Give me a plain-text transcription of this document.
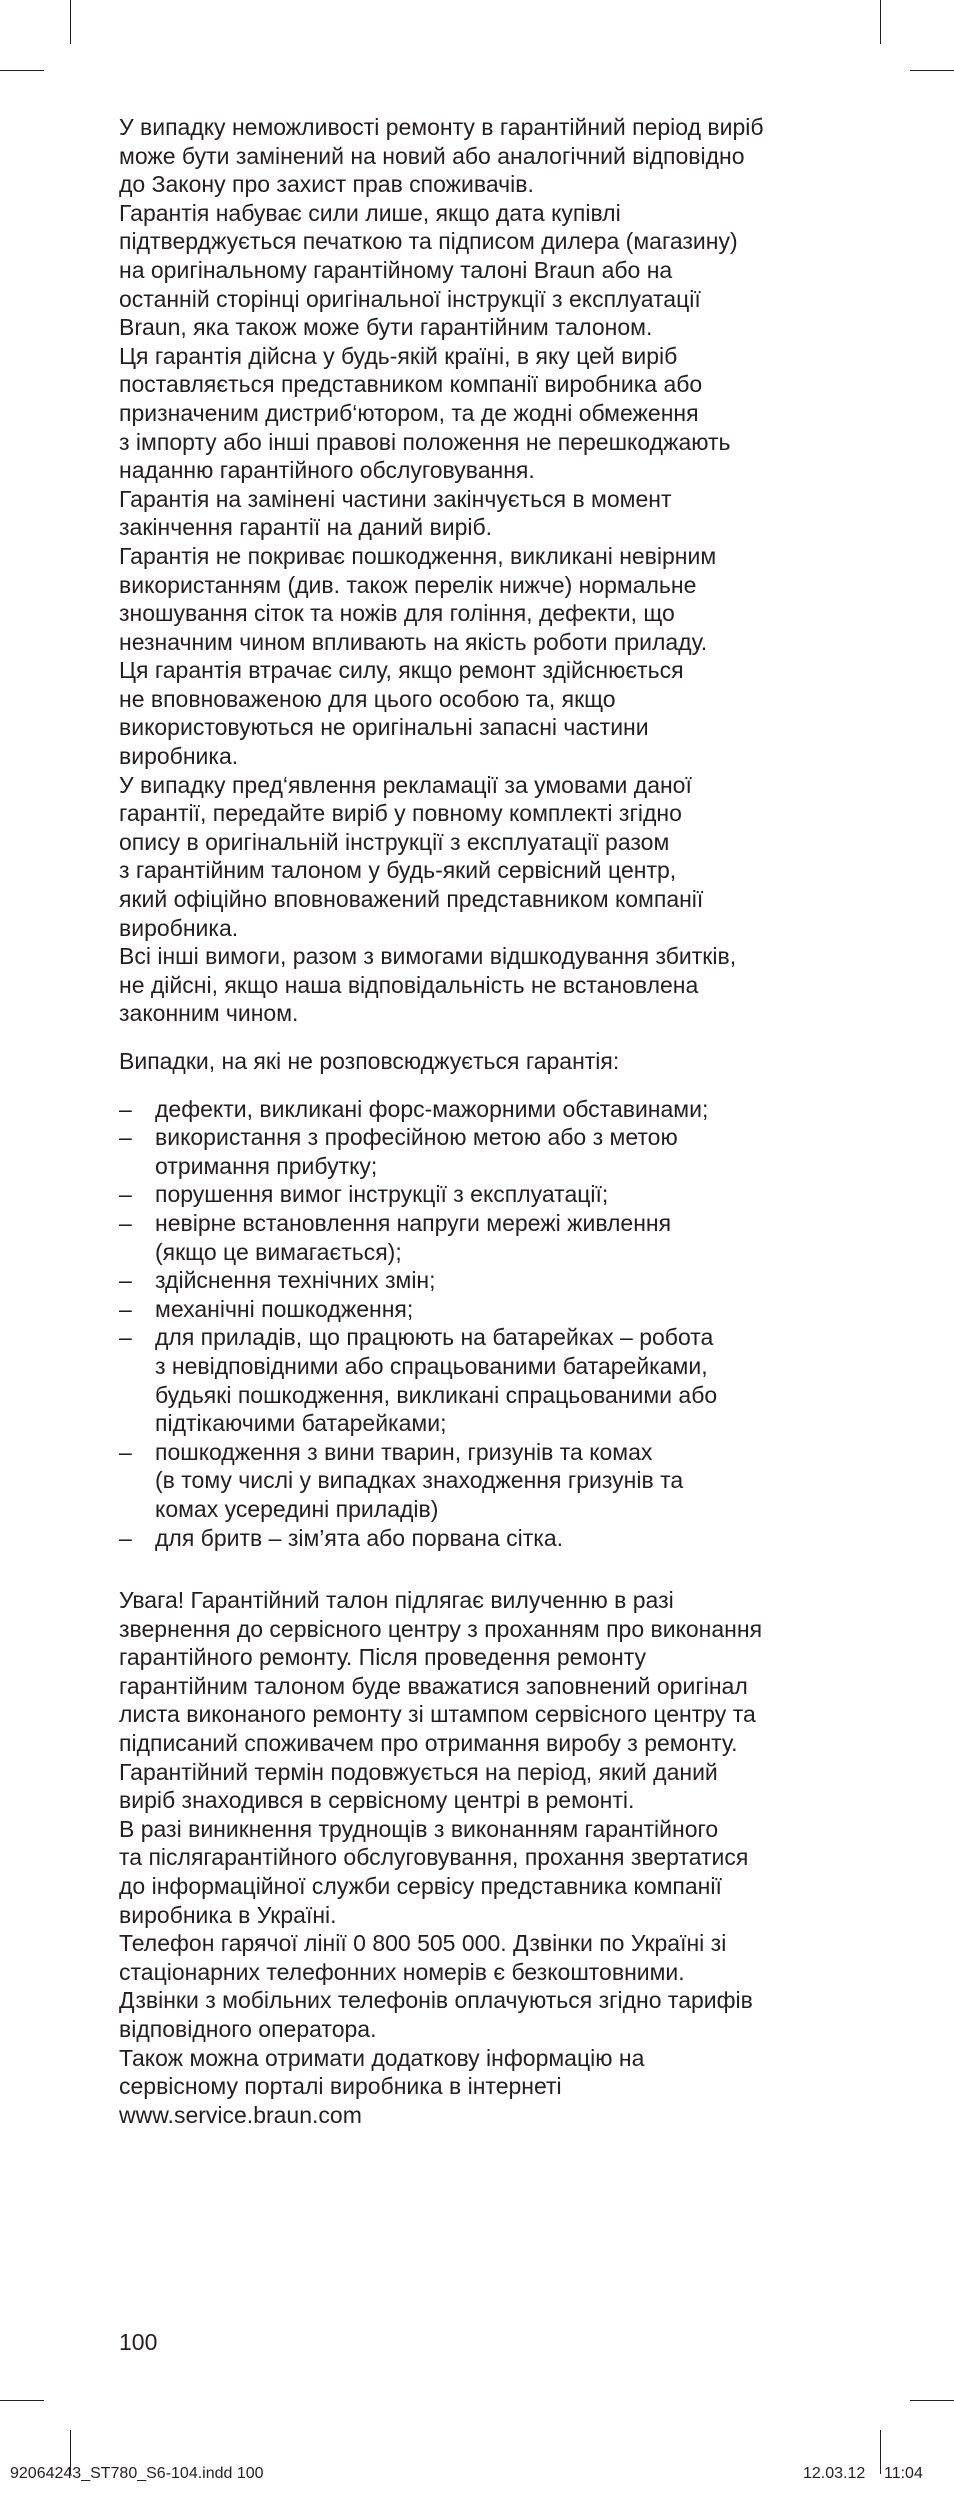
У випадку неможливості ремонту в гарантійний період виріб
може бути замінений на новий або аналогічний відповідно
до Закону про захист прав споживачів.
Гарантія набуває сили лише, якщо дата купівлі
підтверджується печаткою та підписом дилера (магазину)
на оригінальному гарантійному талоні Braun або на
останній сторінці оригінальної інструкції з експлуатації
Braun, яка також може бути гарантійним талоном.
Ця гарантія дійсна у будь-якій країні, в яку цей виріб
поставляється представником компанії виробника або
призначеним дистриб‘ютором, та де жодні обмеження
з імпорту або інші правові положення не перешкоджають
наданню гарантійного обслуговування.
Гарантія на замінені частини закінчується в момент
закінчення гарантії на даний виріб.
Гарантія не покриває пошкодження, викликані невірним
використанням (див. також перелік нижче) нормальне
зношування сіток та ножів для гоління, дефекти, що
незначним чином впливають на якість роботи приладу.
Ця гарантія втрачає силу, якщо ремонт здійснюється
не вповноваженою для цього особою та, якщо
використовуються не оригінальні запасні частини
виробника.
У випадку пред‘явлення рекламації за умовами даної
гарантії, передайте виріб у повному комплекті згідно
опису в оригінальній інструкції з експлуатації разом
з гарантійним талоном у будь-який сервісний центр,
який офіційно вповноважений представником компанії
виробника.
Всі інші вимоги, разом з вимогами відшкодування збитків,
не дійсні, якщо наша відповідальність не встановлена
законним чином.

Випадки, на які не розповсюджується гарантія:

– дефекти, викликані форс-мажорними обставинами;
– використання з професійною метою або з метою
отримання прибутку;
– порушення вимог інструкції з експлуатації;
– невірне встановлення напруги мережі живлення
(якщо це вимагається);
– здійснення технічних змін;
– механічні пошкодження;
– для приладів, що працюють на батарейках – робота
з невідповідними або спрацьованими батарейками,
будьякі пошкодження, викликані спрацьованими або
підтікаючими батарейками;
– пошкодження з вини тварин, гризунів та комах
(в тому числі у випадках знаходження гризунів та
комах усередині приладів)
– для бритв – зім’ята або порвана сітка.

Увага! Гарантійний талон підлягає вилученню в разі
звернення до сервісного центру з проханням про виконання
гарантійного ремонту. Після проведення ремонту
гарантійним талоном буде вважатися заповнений оригінал
листа виконаного ремонту зі штампом сервісного центру та
підписаний споживачем про отримання виробу з ремонту.
Гарантійний термін подовжується на період, який даний
виріб знаходився в сервісному центрі в ремонті.
В разі виникнення труднощів з виконанням гарантійного
та післягарантійного обслуговування, прохання звертатися
до інформаційної служби сервісу представника компанії
виробника в Україні.
Телефон гарячої лінії 0 800 505 000. Дзвінки по Україні зі
стаціонарних телефонних номерів є безкоштовними.
Дзвінки з мобільних телефонів оплачуються згідно тарифів
відповідного оператора.
Також можна отримати додаткову інформацію на
сервісному порталі виробника в інтернеті
www.service.braun.com

100
92064243_ST780_S6-104.indd 100	12.03.12 11:04
